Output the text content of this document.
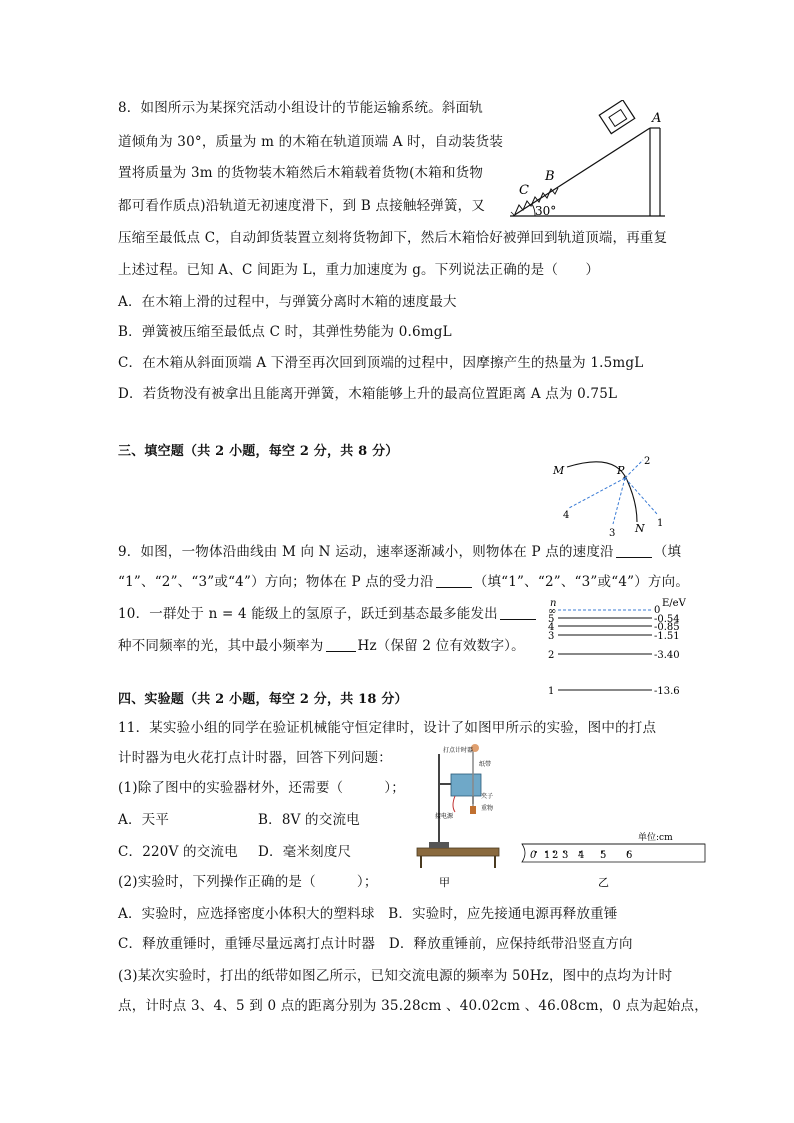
8．如图所示为某探究活动小组设计的节能运输系统。斜面轨
道倾角为 30°，质量为 m 的木箱在轨道顶端 A 时，自动装货装
置将质量为 3m 的货物装木箱然后木箱载着货物(木箱和货物
都可看作质点)沿轨道无初速度滑下，到 B 点接触轻弹簧，又
压缩至最低点 C，自动卸货装置立刻将货物卸下，然后木箱恰好被弹回到轨道顶端，再重复
上述过程。已知 A、C 间距为 L，重力加速度为 g。下列说法正确的是（　　）
A．在木箱上滑的过程中，与弹簧分离时木箱的速度最大
B．弹簧被压缩至最低点 C 时，其弹性势能为 0.6mgL
C．在木箱从斜面顶端 A 下滑至再次回到顶端的过程中，因摩擦产生的热量为 1.5mgL
D．若货物没有被拿出且能离开弹簧，木箱能够上升的最高位置距离 A 点为 0.75L
30°
A
B
C
三、填空题（共 2 小题，每空 2 分，共 8 分）
M	P
N
2
1
3
4
9．如图，一物体沿曲线由 M 向 N 运动，速率逐渐减小，则物体在 P 点的速度沿	（填
“1”、“2”、“3”或“4”）方向；物体在 P 点的受力沿	（填“1”、“2”、“3”或“4”）方向。
10．一群处于 n = 4 能级上的氢原子，跃迁到基态最多能发出
种不同频率的光，其中最小频率为	Hz（保留 2 位有效数字）。
n	E/eV
∞	0
5	-0.54
4	-0.85
3	-1.51
2	-3.40
1	-13.6
四、实验题（共 2 小题，每空 2 分，共 18 分）
11．某实验小组的同学在验证机械能守恒定律时，设计了如图甲所示的实验，图中的打点
计时器为电火花打点计时器，回答下列问题：
(1)除了图中的实验器材外，还需要（　　　）；
A．天平	B．8V 的交流电
C．220V 的交流电 D．毫米刻度尺
(2)实验时，下列操作正确的是（　　　）；
A．实验时，应选择密度小体积大的塑料球　B．实验时，应先接通电源再释放重锤
C．释放重锤时，重锤尽量远离打点计时器　D．释放重锤前，应保持纸带沿竖直方向
(3)某次实验时，打出的纸带如图乙所示，已知交流电源的频率为 50Hz，图中的点均为计时
点，计时点 3、4、5 到 0 点的距离分别为 35.28cm 、40.02cm 、46.08cm，0 点为起始点，
打点计时器
纸带
夹子
重物
接电源
甲
单位:cm
0 1 2 3 4 5 6
乙
